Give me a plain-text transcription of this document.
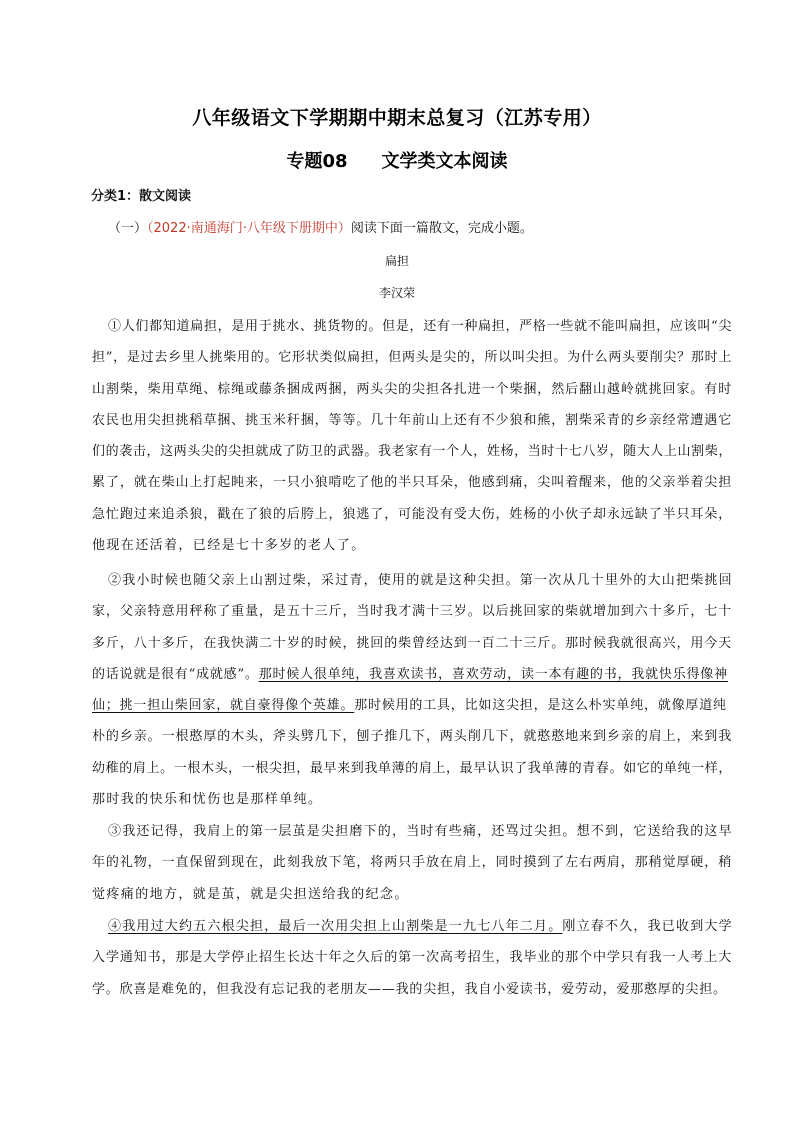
八年级语文下学期期中期末总复习（江苏专用）
专题08 文学类文本阅读
分类1：散文阅读
（一）（2022·南通海门·八年级下册期中）阅读下面一篇散文，完成小题。
扁担
李汉荣
①人们都知道扁担，是用于挑水、挑货物的。但是，还有一种扁担，严格一些就不能叫扁担，应该叫“尖
担”，是过去乡里人挑柴用的。它形状类似扁担，但两头是尖的，所以叫尖担。为什么两头要削尖？那时上
山割柴，柴用草绳、棕绳或藤条捆成两捆，两头尖的尖担各扎进一个柴捆，然后翻山越岭就挑回家。有时
农民也用尖担挑稻草捆、挑玉米秆捆，等等。几十年前山上还有不少狼和熊，割柴采青的乡亲经常遭遇它
们的袭击，这两头尖的尖担就成了防卫的武器。我老家有一个人，姓杨，当时十七八岁，随大人上山割柴，
累了，就在柴山上打起盹来，一只小狼啃吃了他的半只耳朵，他感到痛，尖叫着醒来，他的父亲举着尖担
急忙跑过来追杀狼，戳在了狼的后胯上，狼逃了，可能没有受大伤，姓杨的小伙子却永远缺了半只耳朵，
他现在还活着，已经是七十多岁的老人了。
②我小时候也随父亲上山割过柴，采过青，使用的就是这种尖担。第一次从几十里外的大山把柴挑回
家，父亲特意用秤称了重量，是五十三斤，当时我才满十三岁。以后挑回家的柴就增加到六十多斤，七十
多斤，八十多斤，在我快满二十岁的时候，挑回的柴曾经达到一百二十三斤。那时候我就很高兴，用今天
的话说就是很有“成就感”。那时候人很单纯，我喜欢读书，喜欢劳动，读一本有趣的书，我就快乐得像神
仙；挑一担山柴回家，就自豪得像个英雄。那时候用的工具，比如这尖担，是这么朴实单纯，就像厚道纯
朴的乡亲。一根憨厚的木头，斧头劈几下，刨子推几下，两头削几下，就憨憨地来到乡亲的肩上，来到我
幼稚的肩上。一根木头，一根尖担，最早来到我单薄的肩上，最早认识了我单薄的青春。如它的单纯一样，
那时我的快乐和忧伤也是那样单纯。
③我还记得，我肩上的第一层茧是尖担磨下的，当时有些痛，还骂过尖担。想不到，它送给我的这早
年的礼物，一直保留到现在，此刻我放下笔，将两只手放在肩上，同时摸到了左右两肩，那稍觉厚硬，稍
觉疼痛的地方，就是茧，就是尖担送给我的纪念。
④我用过大约五六根尖担，最后一次用尖担上山割柴是一九七八年二月。刚立春不久，我已收到大学
入学通知书，那是大学停止招生长达十年之久后的第一次高考招生，我毕业的那个中学只有我一人考上大
学。欣喜是难免的，但我没有忘记我的老朋友——我的尖担，我自小爱读书，爱劳动，爱那憨厚的尖担。
